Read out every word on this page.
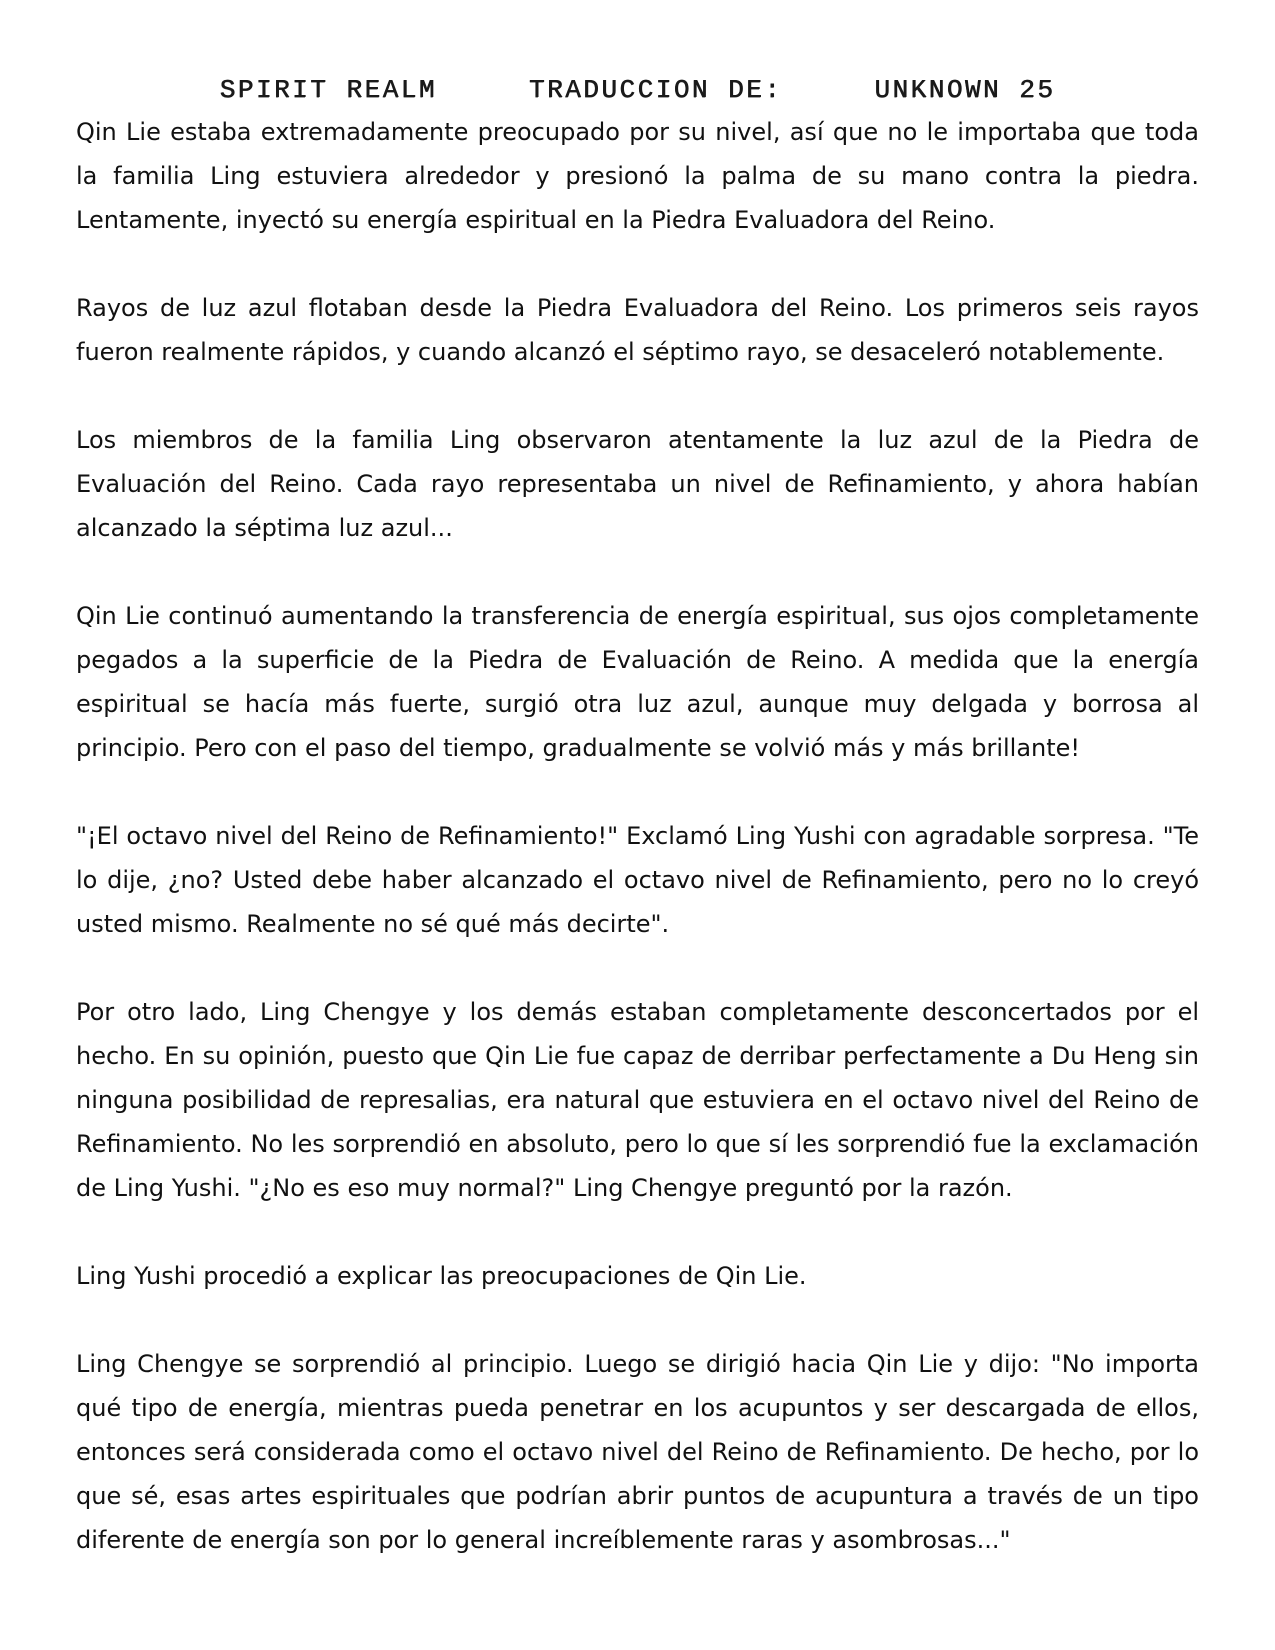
SPIRIT REALM	TRADUCCION DE:	UNKNOWN 25

Qin Lie estaba extremadamente preocupado por su nivel, así que no le importaba que toda la familia Ling estuviera alrededor y presionó la palma de su mano contra la piedra. Lentamente, inyectó su energía espiritual en la Piedra Evaluadora del Reino.

Rayos de luz azul flotaban desde la Piedra Evaluadora del Reino. Los primeros seis rayos fueron realmente rápidos, y cuando alcanzó el séptimo rayo, se desaceleró notablemente.

Los miembros de la familia Ling observaron atentamente la luz azul de la Piedra de Evaluación del Reino. Cada rayo representaba un nivel de Refinamiento, y ahora habían alcanzado la séptima luz azul...

Qin Lie continuó aumentando la transferencia de energía espiritual, sus ojos completamente pegados a la superficie de la Piedra de Evaluación de Reino. A medida que la energía espiritual se hacía más fuerte, surgió otra luz azul, aunque muy delgada y borrosa al principio. Pero con el paso del tiempo, gradualmente se volvió más y más brillante!

"¡El octavo nivel del Reino de Refinamiento!" Exclamó Ling Yushi con agradable sorpresa. "Te lo dije, ¿no? Usted debe haber alcanzado el octavo nivel de Refinamiento, pero no lo creyó usted mismo. Realmente no sé qué más decirte".

Por otro lado, Ling Chengye y los demás estaban completamente desconcertados por el hecho. En su opinión, puesto que Qin Lie fue capaz de derribar perfectamente a Du Heng sin ninguna posibilidad de represalias, era natural que estuviera en el octavo nivel del Reino de Refinamiento. No les sorprendió en absoluto, pero lo que sí les sorprendió fue la exclamación de Ling Yushi. "¿No es eso muy normal?" Ling Chengye preguntó por la razón.

Ling Yushi procedió a explicar las preocupaciones de Qin Lie.

Ling Chengye se sorprendió al principio. Luego se dirigió hacia Qin Lie y dijo: "No importa qué tipo de energía, mientras pueda penetrar en los acupuntos y ser descargada de ellos, entonces será considerada como el octavo nivel del Reino de Refinamiento. De hecho, por lo que sé, esas artes espirituales que podrían abrir puntos de acupuntura a través de un tipo diferente de energía son por lo general increíblemente raras y asombrosas..."
